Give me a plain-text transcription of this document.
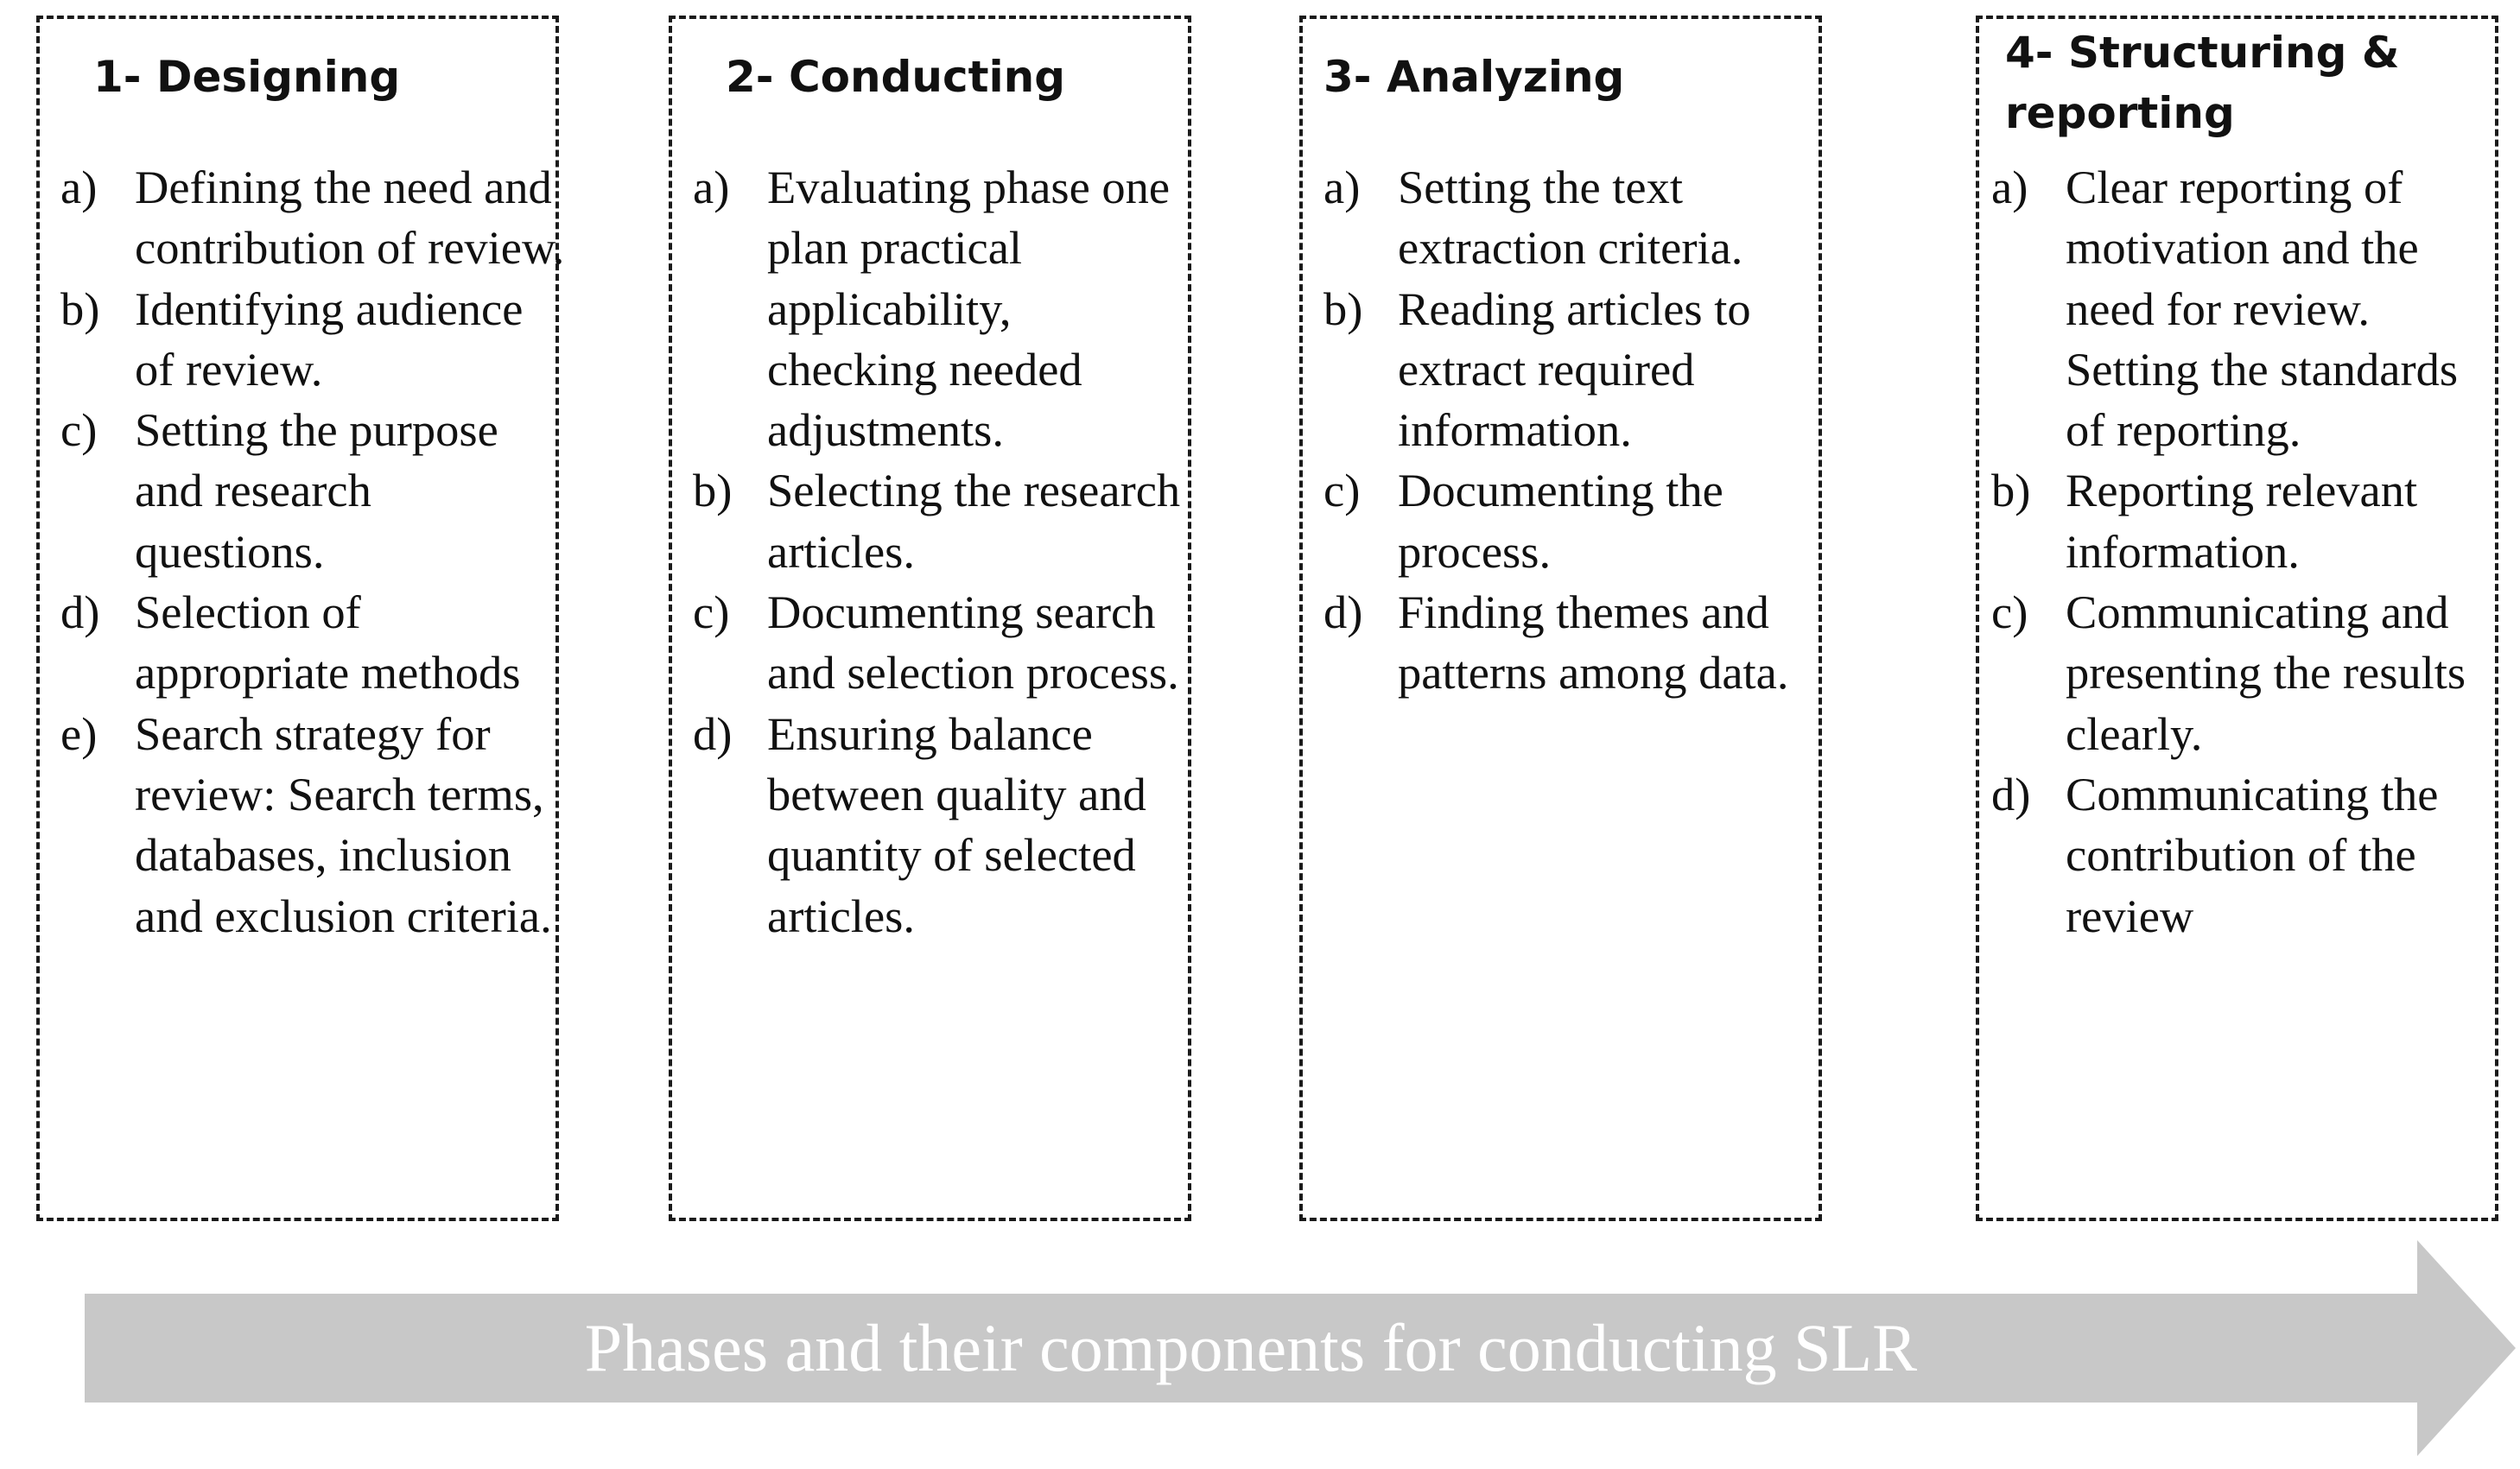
1- Designing
a) Defining the need and contribution of review.
b) Identifying audience of review.
c) Setting the purpose and research questions.
d) Selection of appropriate methods
e) Search strategy for review: Search terms, databases, inclusion and exclusion criteria.
2- Conducting
a) Evaluating phase one plan practical applicability, checking needed adjustments.
b) Selecting the research articles.
c) Documenting search and selection process.
d) Ensuring balance between quality and quantity of selected articles.
3- Analyzing
a) Setting the text extraction criteria.
b) Reading articles to extract required information.
c) Documenting the process.
d) Finding themes and patterns among data.
4- Structuring & reporting
a) Clear reporting of motivation and the need for review. Setting the standards of reporting.
b) Reporting relevant information.
c) Communicating and presenting the results clearly.
d) Communicating the contribution of the review
Phases and their components for conducting SLR
